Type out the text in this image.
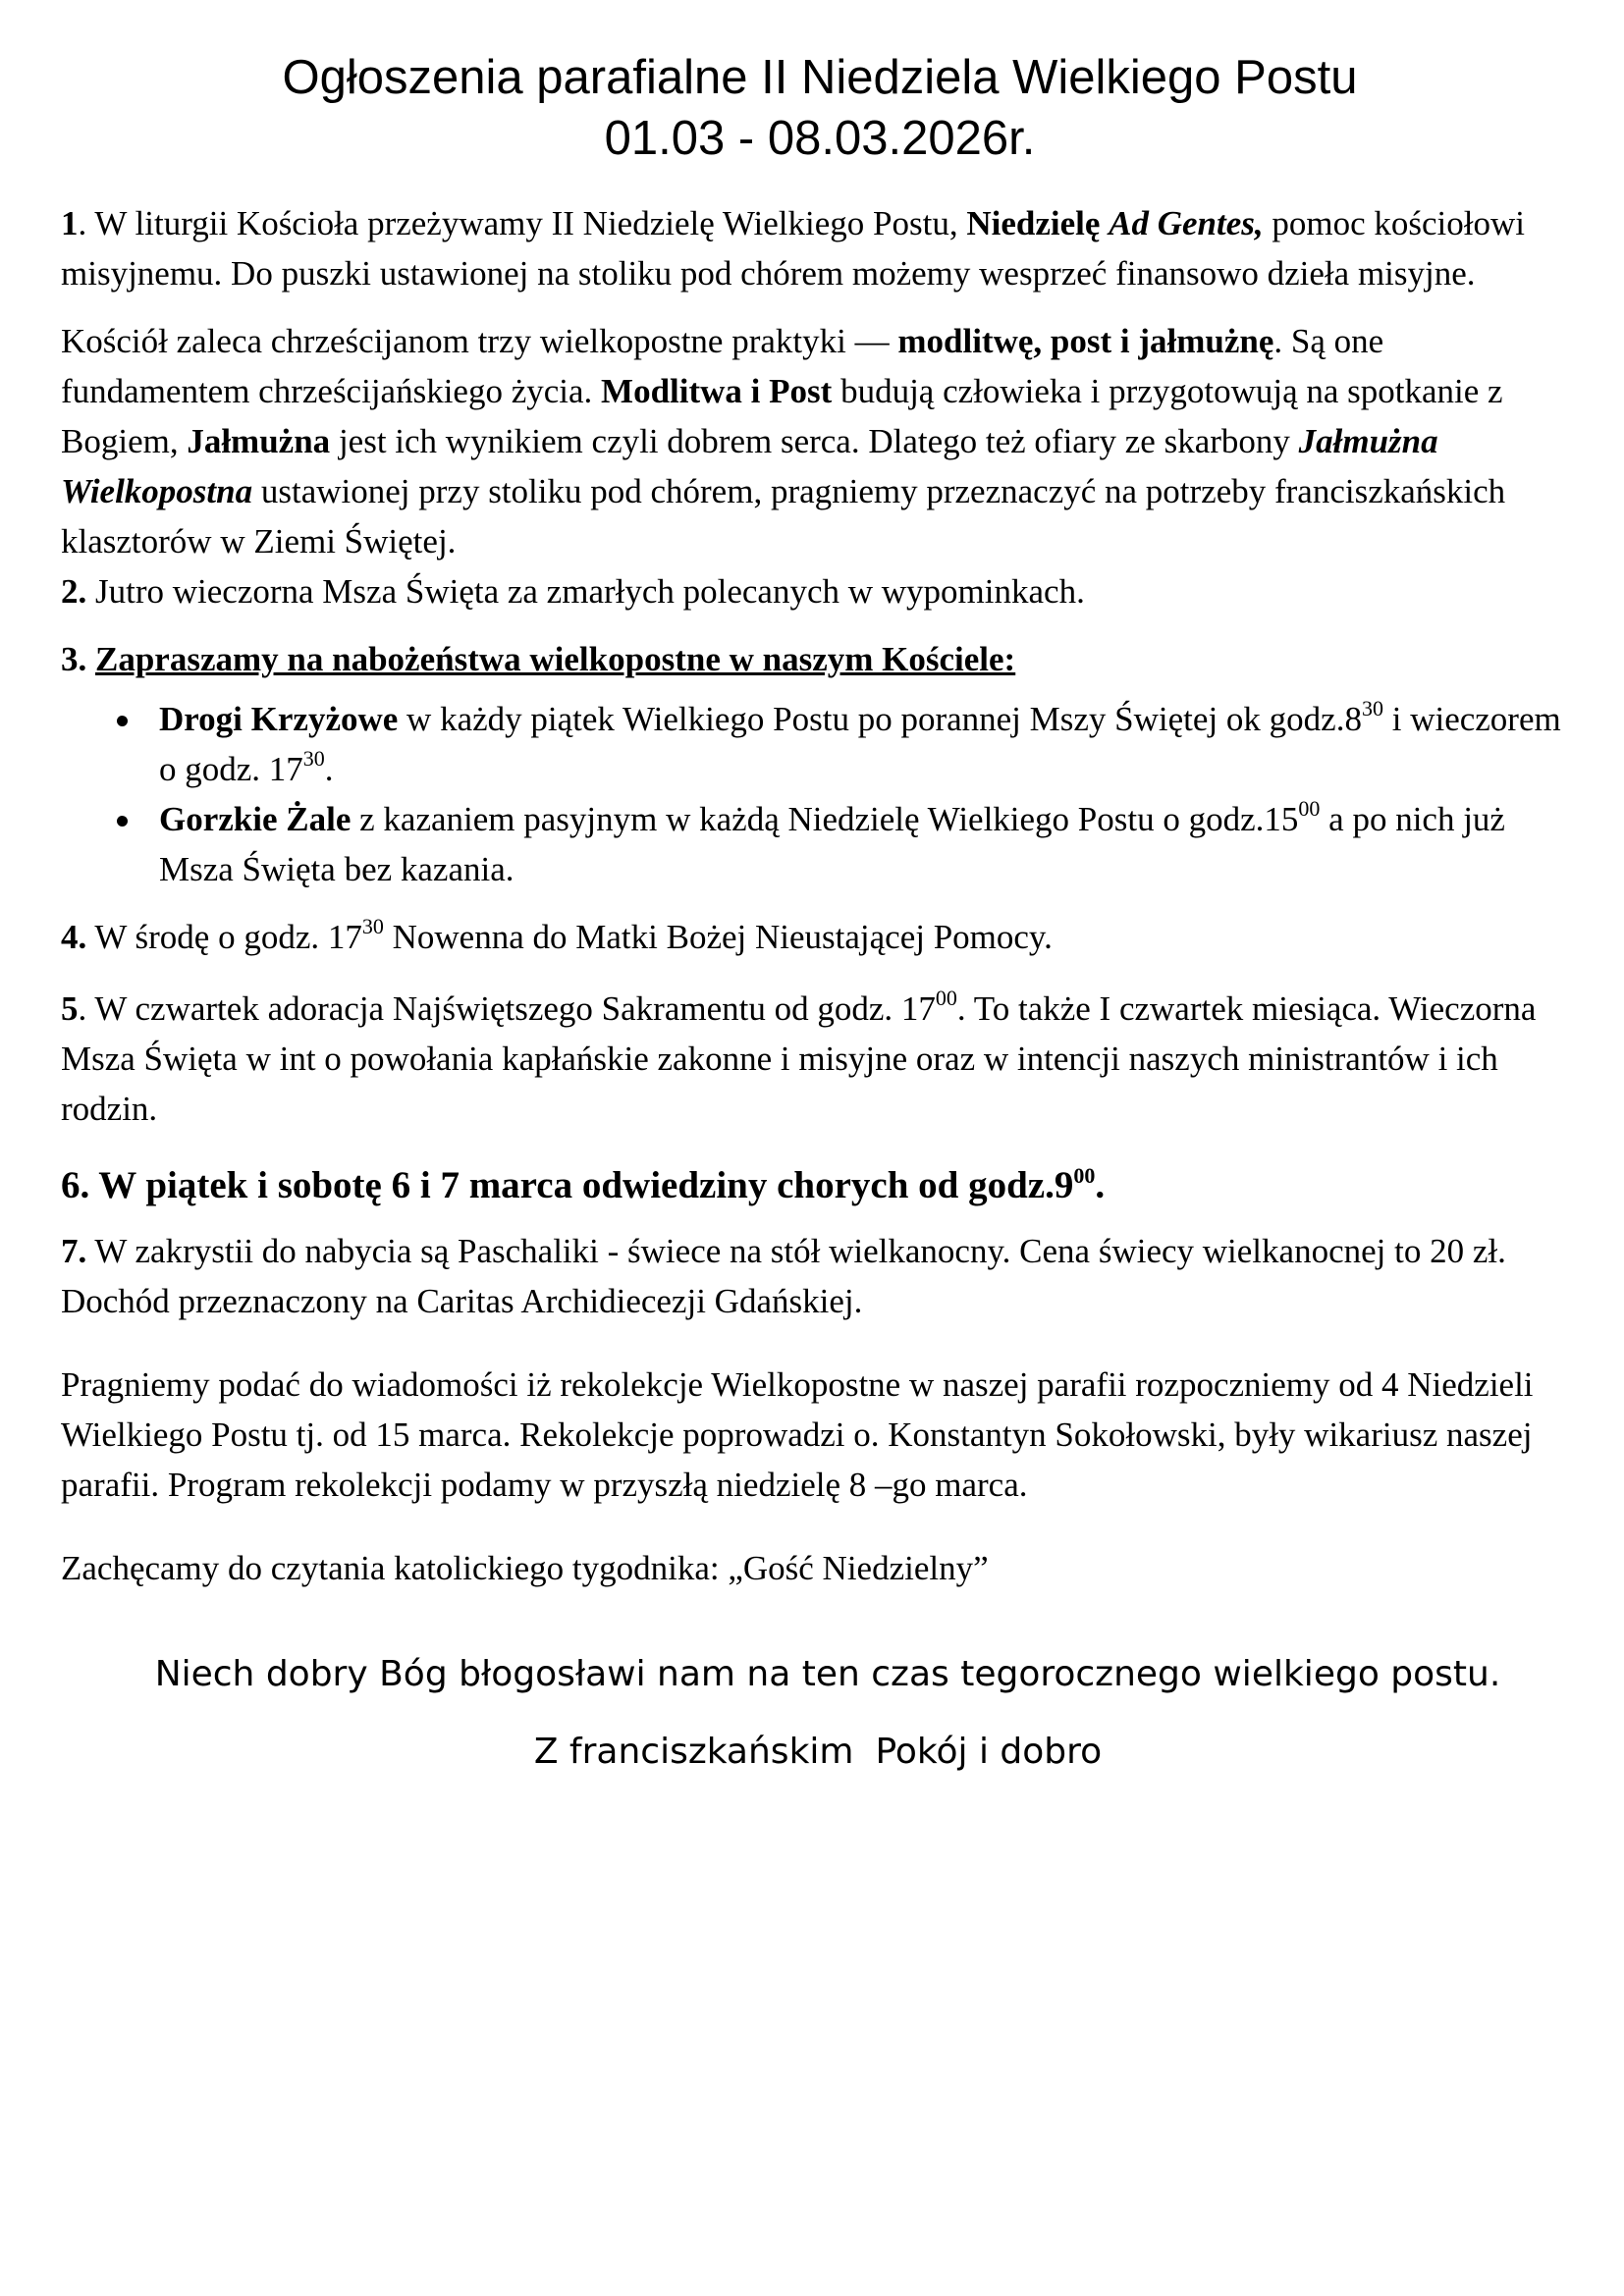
Ogłoszenia parafialne II Niedziela Wielkiego Postu
01.03 - 08.03.2026r.

1. W liturgii Kościoła przeżywamy II Niedzielę Wielkiego Postu, Niedzielę Ad Gentes, pomoc kościołowi misyjnemu. Do puszki ustawionej na stoliku pod chórem możemy wesprzeć finansowo dzieła misyjne.

Kościół zaleca chrześcijanom trzy wielkopostne praktyki — modlitwę, post i jałmużnę. Są one fundamentem chrześcijańskiego życia. Modlitwa i Post budują człowieka i przygotowują na spotkanie z Bogiem, Jałmużna jest ich wynikiem czyli dobrem serca. Dlatego też ofiary ze skarbony Jałmużna Wielkopostna ustawionej przy stoliku pod chórem, pragniemy przeznaczyć na potrzeby franciszkańskich klasztorów w Ziemi Świętej.

2. Jutro wieczorna Msza Święta za zmarłych polecanych w wypominkach.

3. Zapraszamy na nabożeństwa wielkopostne w naszym Kościele:

Drogi Krzyżowe w każdy piątek Wielkiego Postu po porannej Mszy Świętej ok $godz.8^{30}$ i wieczorem o godz. $17^{30}$.
Gorzkie Żale z kazaniem pasyjnym w każdą Niedzielę Wielkiego Postu o $godz.15^{00}$ a po nich już Msza Święta bez kazania.

4. W środę o godz. $17^{30}$ Nowenna do Matki Bożej Nieustającej Pomocy.

5. W czwartek adoracja Najświętszego Sakramentu od godz. $17^{00}$. To także I czwartek miesiąca. Wieczorna Msza Święta w int o powołania kapłańskie zakonne i misyjne oraz w intencji naszych ministrantów i ich rodzin.

6. W piątek i sobotę 6 i 7 marca odwiedziny chorych od $godz.9^{00}$.

7. W zakrystii do nabycia są Paschaliki - świece na stół wielkanocny. Cena świecy wielkanocnej to 20 zł. Dochód przeznaczony na Caritas Archidiecezji Gdańskiej.

Pragniemy podać do wiadomości iż rekolekcje Wielkopostne w naszej parafii rozpoczniemy od 4 Niedzieli Wielkiego Postu tj. od 15 marca. Rekolekcje poprowadzi o. Konstantyn Sokołowski, były wikariusz naszej parafii. Program rekolekcji podamy w przyszłą niedzielę 8 –go marca.

Zachęcamy do czytania katolickiego tygodnika: „Gość Niedzielny”

Niech dobry Bóg błogosławi nam na ten czas tegorocznego wielkiego postu.
Z franciszkańskim Pokój i dobro
